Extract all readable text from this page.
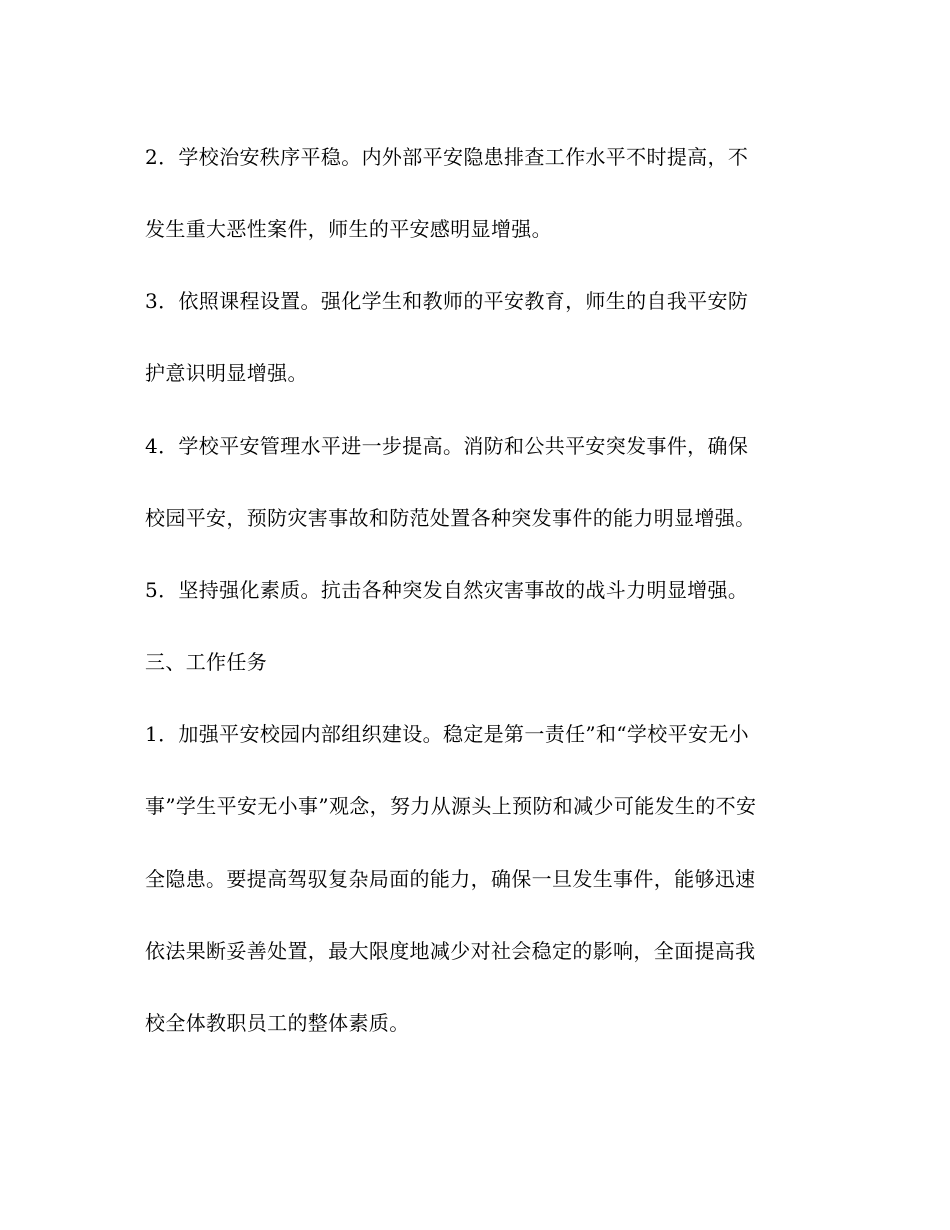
2．学校治安秩序平稳。内外部平安隐患排查工作水平不时提高，不
发生重大恶性案件，师生的平安感明显增强。
3．依照课程设置。强化学生和教师的平安教育，师生的自我平安防
护意识明显增强。
4．学校平安管理水平进一步提高。消防和公共平安突发事件，确保
校园平安，预防灾害事故和防范处置各种突发事件的能力明显增强。
5．坚持强化素质。抗击各种突发自然灾害事故的战斗力明显增强。
三、工作任务
1．加强平安校园内部组织建设。稳定是第一责任”和“学校平安无小
事”学生平安无小事”观念，努力从源头上预防和减少可能发生的不安
全隐患。要提高驾驭复杂局面的能力，确保一旦发生事件，能够迅速
依法果断妥善处置，最大限度地减少对社会稳定的影响，全面提高我
校全体教职员工的整体素质。
